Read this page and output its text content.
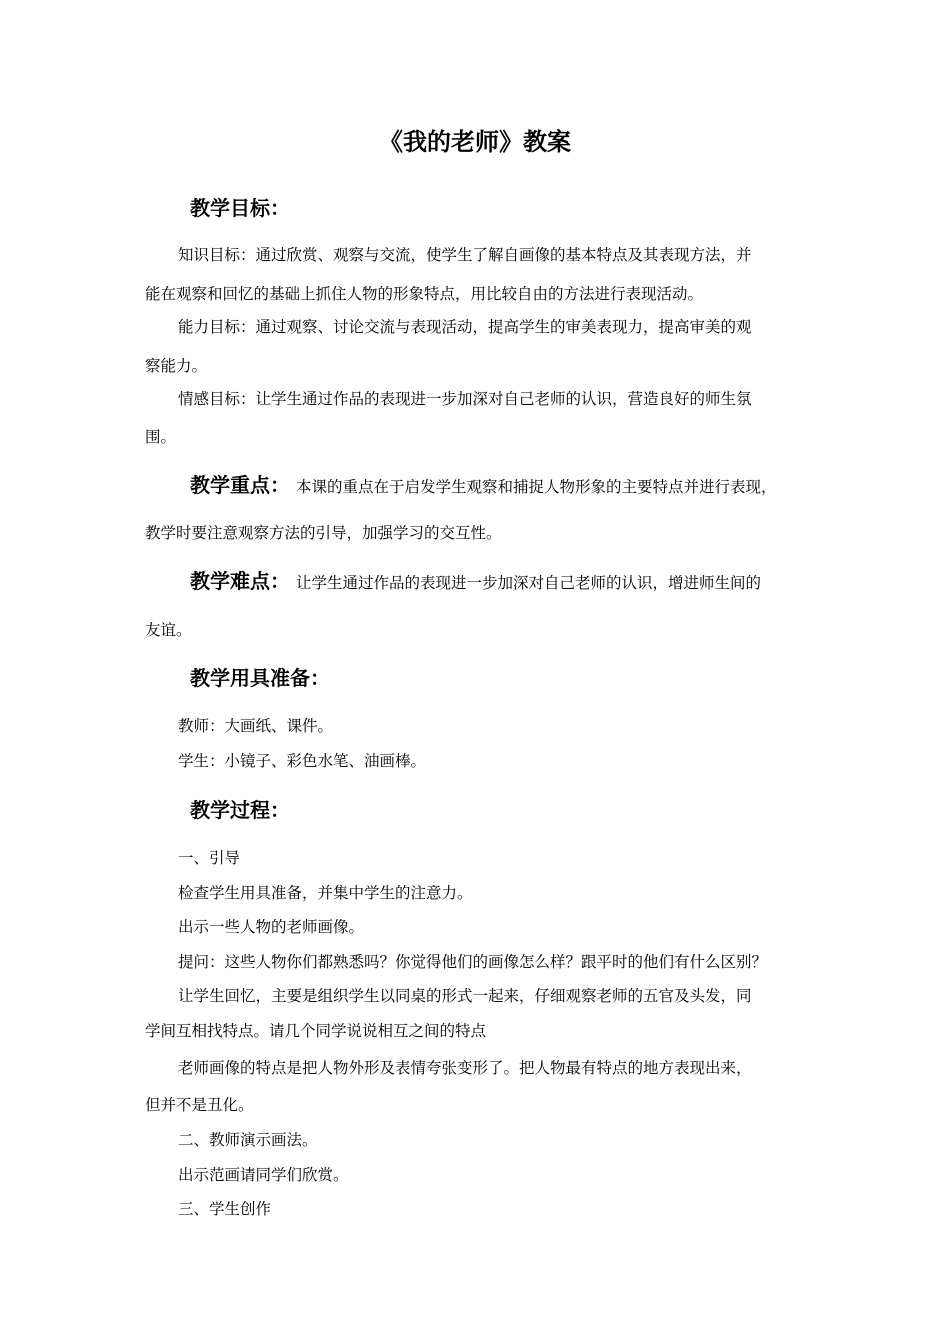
《我的老师》教案
教学目标：
知识目标：通过欣赏、观察与交流，使学生了解自画像的基本特点及其表现方法，并
能在观察和回忆的基础上抓住人物的形象特点，用比较自由的方法进行表现活动。
能力目标：通过观察、讨论交流与表现活动，提高学生的审美表现力，提高审美的观
察能力。
情感目标：让学生通过作品的表现进一步加深对自己老师的认识，营造良好的师生氛
围。
教学重点： 本课的重点在于启发学生观察和捕捉人物形象的主要特点并进行表现，
教学时要注意观察方法的引导，加强学习的交互性。
教学难点： 让学生通过作品的表现进一步加深对自己老师的认识，增进师生间的
友谊。
教学用具准备：
教师：大画纸、课件。
学生：小镜子、彩色水笔、油画棒。
教学过程：
一、引导
检查学生用具准备，并集中学生的注意力。
出示一些人物的老师画像。
提问：这些人物你们都熟悉吗？你觉得他们的画像怎么样？跟平时的他们有什么区别？
让学生回忆，主要是组织学生以同桌的形式一起来，仔细观察老师的五官及头发，同
学间互相找特点。请几个同学说说相互之间的特点
老师画像的特点是把人物外形及表情夸张变形了。把人物最有特点的地方表现出来，
但并不是丑化。
二、教师演示画法。
出示范画请同学们欣赏。
三、学生创作
